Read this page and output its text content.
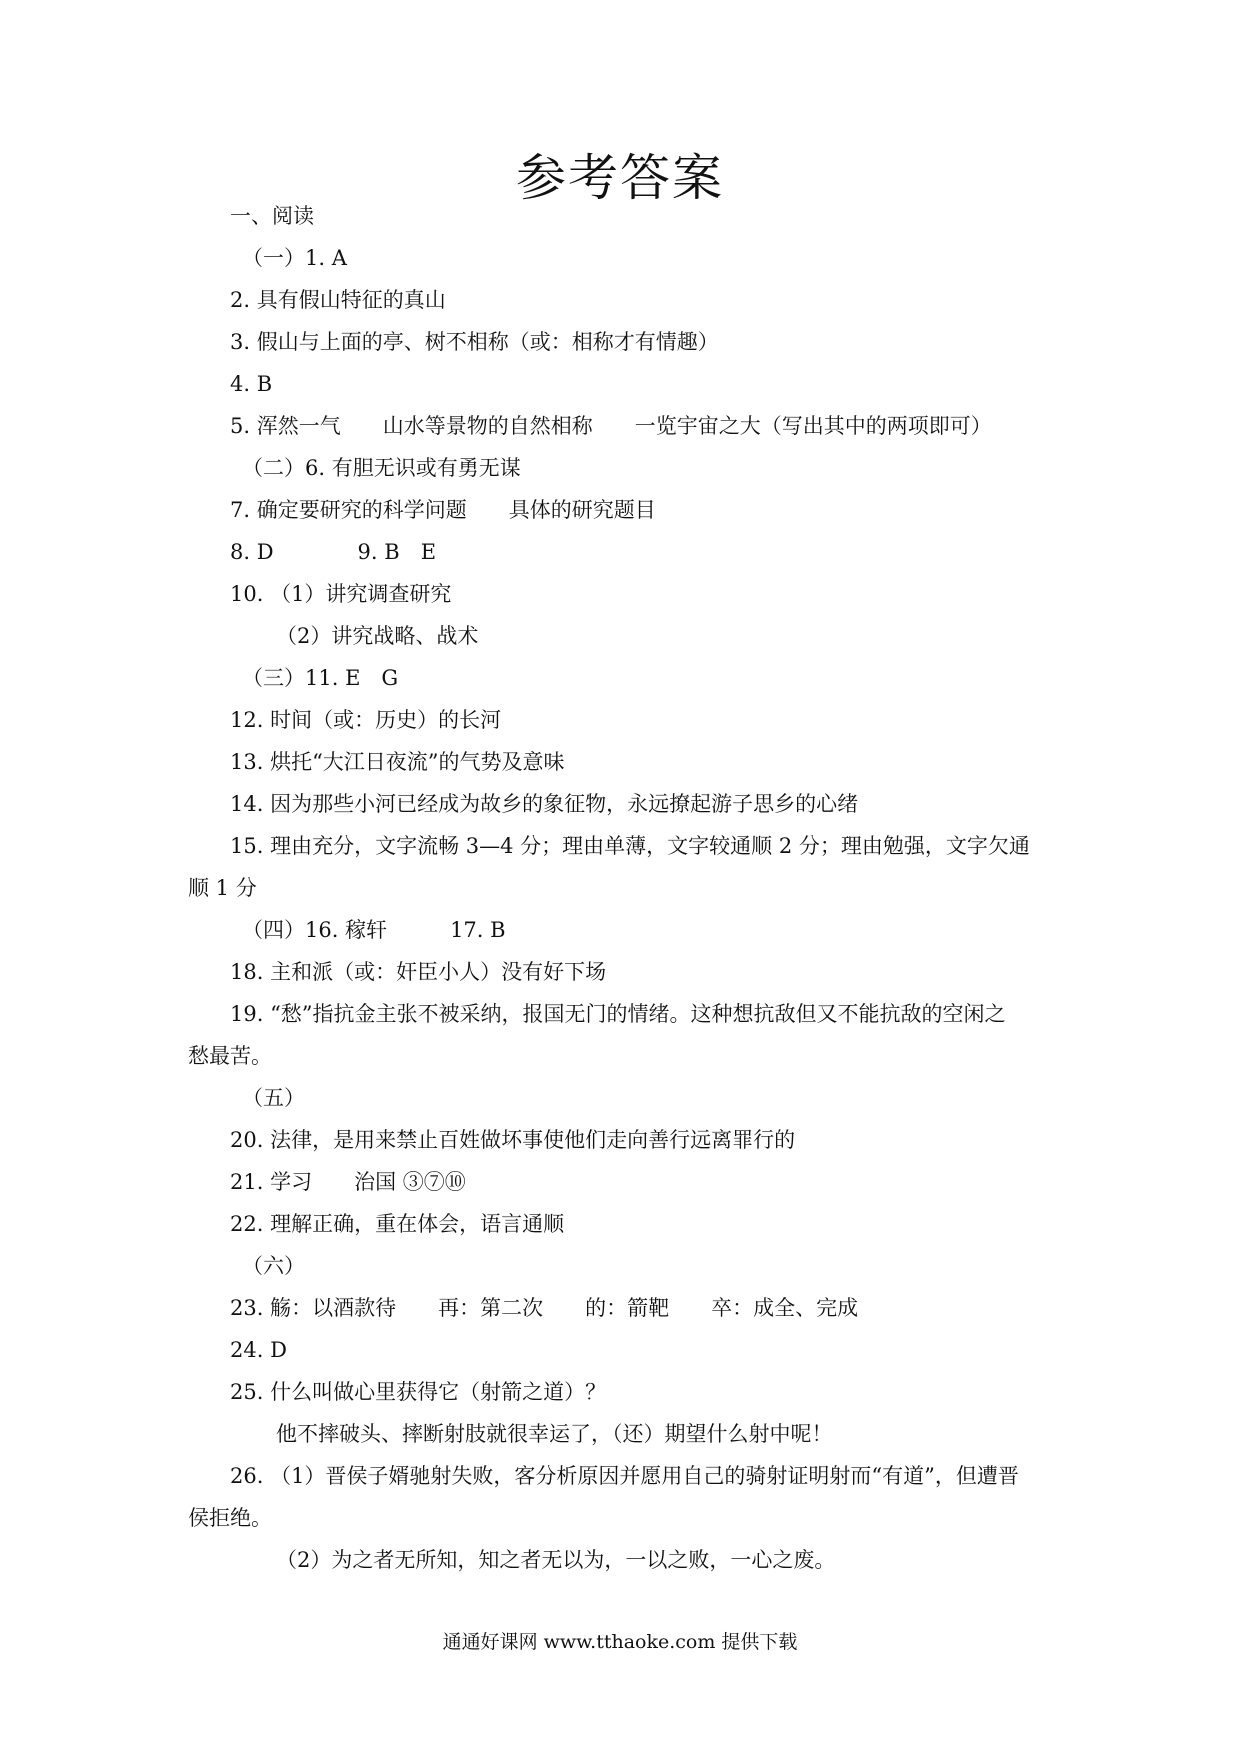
参考答案
一、阅读
（一）1. A
2. 具有假山特征的真山
3. 假山与上面的亭、树不相称（或：相称才有情趣）
4. B
5. 浑然一气　　山水等景物的自然相称　　一览宇宙之大（写出其中的两项即可）
（二）6. 有胆无识或有勇无谋
7. 确定要研究的科学问题　　具体的研究题目
8. D　　　　9. B　E
10. （1）讲究调查研究
（2）讲究战略、战术
（三）11. E　G
12. 时间（或：历史）的长河
13. 烘托“大江日夜流”的气势及意味
14. 因为那些小河已经成为故乡的象征物，永远撩起游子思乡的心绪
15. 理由充分，文字流畅 3—4 分；理由单薄，文字较通顺 2 分；理由勉强，文字欠通
顺 1 分
（四）16. 稼轩　　　17. B
18. 主和派（或：奸臣小人）没有好下场
19. “愁”指抗金主张不被采纳，报国无门的情绪。这种想抗敌但又不能抗敌的空闲之
愁最苦。
（五）
20. 法律，是用来禁止百姓做坏事使他们走向善行远离罪行的
21. 学习　　治国 ③⑦⑩
22. 理解正确，重在体会，语言通顺
（六）
23. 觞：以酒款待　　再：第二次　　的：箭靶　　卒：成全、完成
24. D
25. 什么叫做心里获得它（射箭之道）？
他不摔破头、摔断射肢就很幸运了，（还）期望什么射中呢！
26. （1）晋侯子婿驰射失败，客分析原因并愿用自己的骑射证明射而“有道”，但遭晋
侯拒绝。
（2）为之者无所知，知之者无以为，一以之败，一心之废。
通通好课网 www.tthaoke.com 提供下载
